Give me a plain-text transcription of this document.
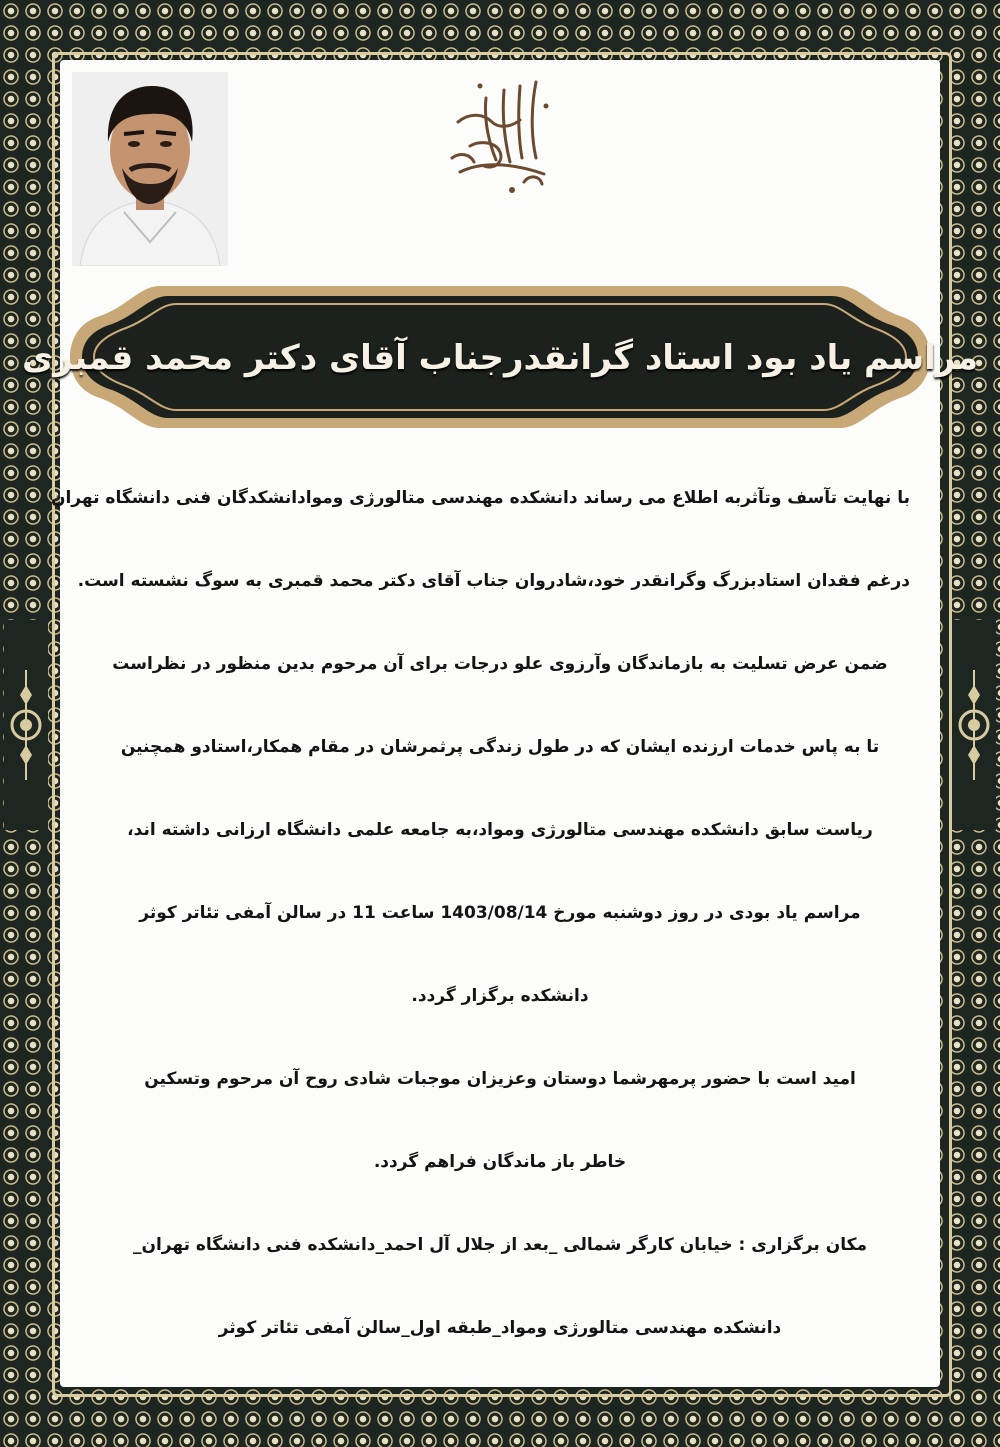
مراسم یاد بود استاد گرانقدرجناب آقای دکتر محمد قمبری
با نهایت تآسف وتآثربه اطلاع می رساند دانشکده مهندسی متالورژی وموادانشکدگان فنی دانشگاه تهران
درغم فقدان استادبزرگ وگرانقدر خود،شادروان جناب آقای دکتر محمد قمبری به سوگ نشسته است.
ضمن عرض تسلیت به بازماندگان وآرزوی علو درجات برای آن مرحوم بدین منظور در نظراست
تا به پاس خدمات ارزنده ایشان که در طول زندگی پرثمرشان در مقام همکار،استادو همچنین
ریاست سابق دانشکده مهندسی متالورژی ومواد،به جامعه علمی دانشگاه ارزانی داشته اند،
مراسم یاد بودی در روز دوشنبه مورخ 1403/08/14 ساعت 11 در سالن آمفی تئاتر کوثر
دانشکده برگزار گردد.
امید است با حضور پرمهرشما دوستان وعزیزان موجبات شادی روح آن مرحوم وتسکین
خاطر باز ماندگان فراهم گردد.
مکان برگزاری : خیابان کارگر شمالی _بعد از جلال آل احمد_دانشکده فنی دانشگاه تهران_
دانشکده مهندسی متالورژی ومواد_طبقه اول_سالن آمفی تئاتر کوثر
